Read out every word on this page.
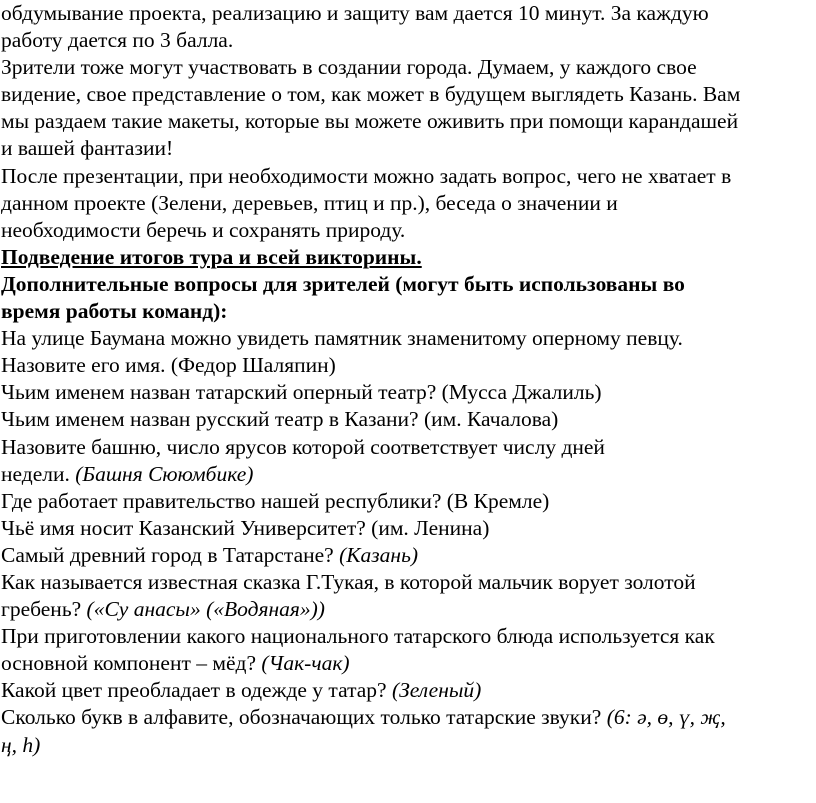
обдумывание проекта, реализацию и защиту вам дается 10 минут. За каждую
работу дается по 3 балла.
Зрители тоже могут участвовать в создании города. Думаем, у каждого свое
видение, свое представление о том, как может в будущем выглядеть Казань. Вам
мы раздаем такие макеты, которые вы можете оживить при помощи карандашей
и вашей фантазии!
После презентации, при необходимости можно задать вопрос, чего не хватает в
данном проекте (Зелени, деревьев, птиц и пр.), беседа о значении и
необходимости беречь и сохранять природу.
Подведение итогов тура и всей викторины.
Дополнительные вопросы для зрителей (могут быть использованы во
время работы команд):
На улице Баумана можно увидеть памятник знаменитому оперному певцу.
Назовите его имя. (Федор Шаляпин)
Чьим именем назван татарский оперный театр? (Мусса Джалиль)
Чьим именем назван русский театр в Казани? (им. Качалова)
Назовите башню, число ярусов которой соответствует числу дней
недели. (Башня Сююмбике)
Где работает правительство нашей республики? (В Кремле)
Чьё имя носит Казанский Университет? (им. Ленина)
Самый древний город в Татарстане? (Казань)
Как называется известная сказка Г.Тукая, в которой мальчик ворует золотой
гребень? («Су анасы» («Водяная»))
При приготовлении какого национального татарского блюда используется как
основной компонент – мёд? (Чак-чак)
Какой цвет преобладает в одежде у татар? (Зеленый)
Сколько букв в алфавите, обозначающих только татарские звуки? (6: ә, ө, ү, җ,
ң, һ)
